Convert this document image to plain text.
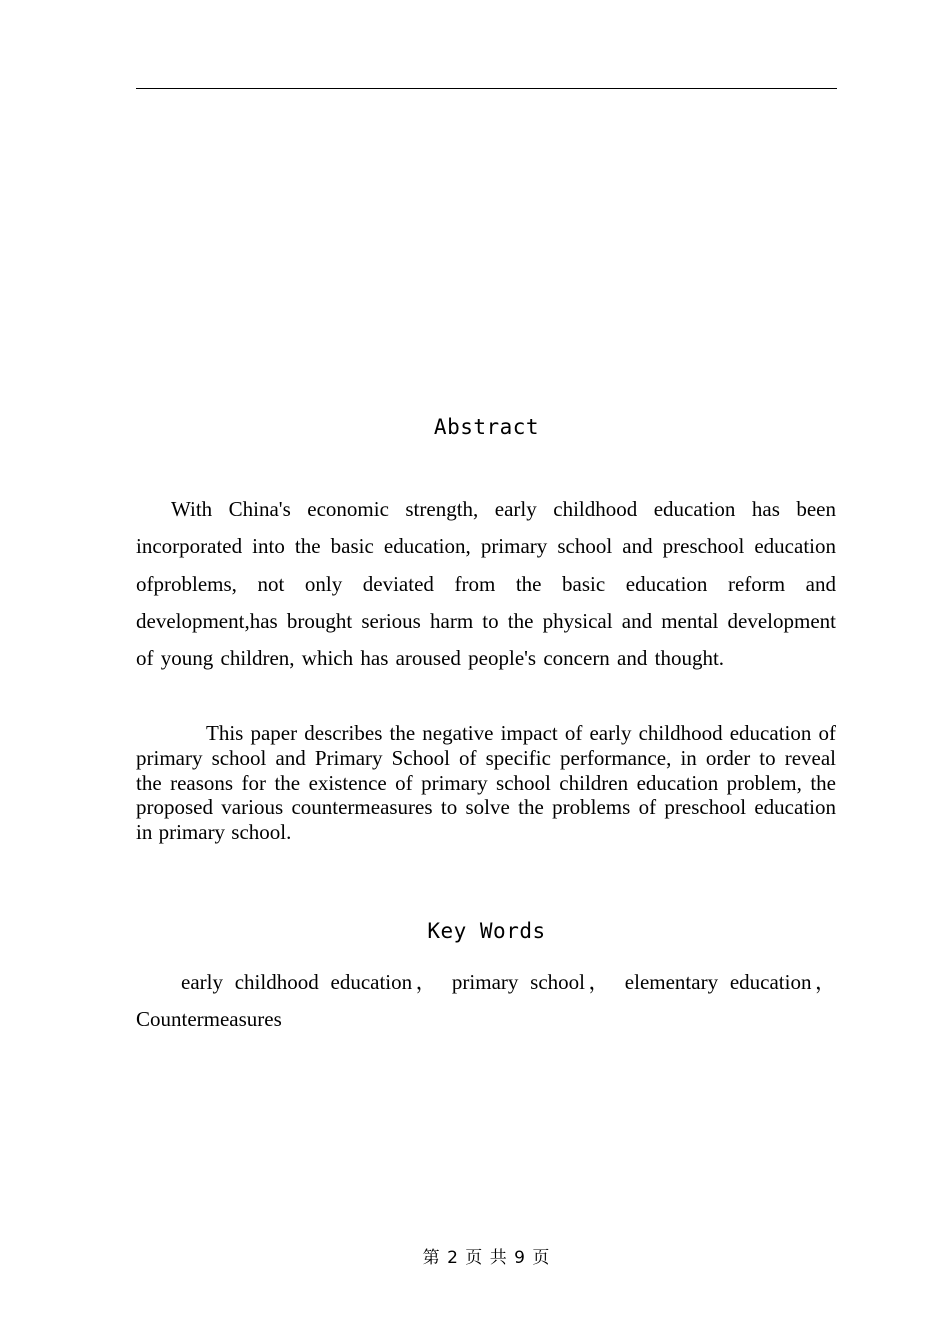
Abstract

With China's economic strength, early childhood education has been incorporated into the basic education, primary school and preschool education ofproblems, not only deviated from the basic education reform and development,has brought serious harm to the physical and mental development of young children, which has aroused people's concern and thought.

This paper describes the negative impact of early childhood education of primary school and Primary School of specific performance, in order to reveal the reasons for the existence of primary school children education problem, the proposed various countermeasures to solve the problems of preschool education in primary school.

Key Words

early childhood education， primary school， elementary education，Countermeasures

第 2 页 共 9 页
